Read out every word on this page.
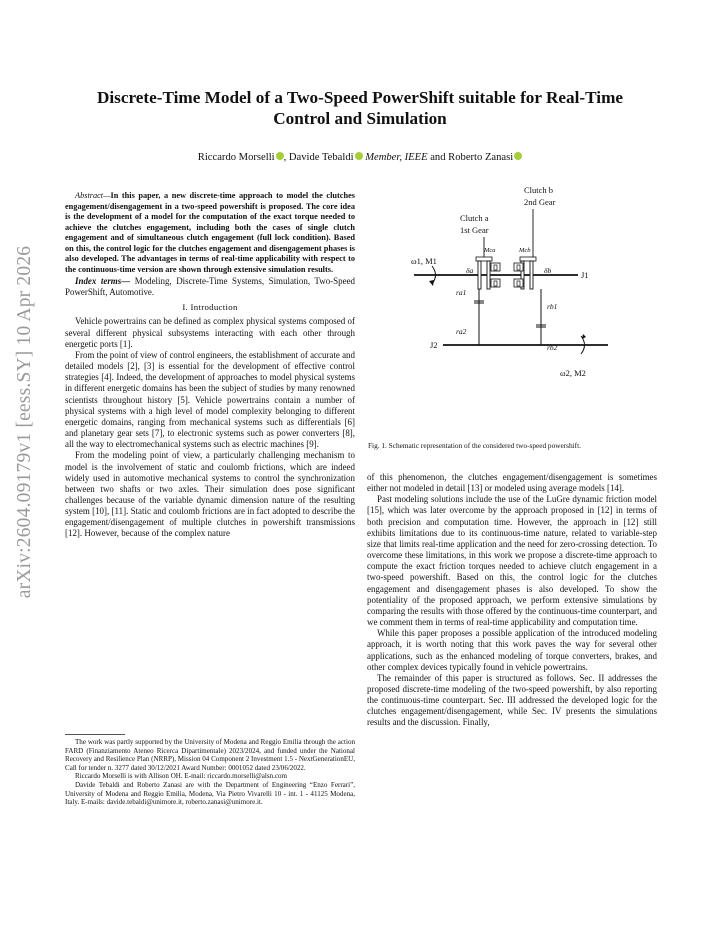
arXiv:2604.09179v1 [eess.SY] 10 Apr 2026
Discrete-Time Model of a Two-Speed PowerShift suitable for Real-Time
Control and Simulation
Riccardo Morselli , Davide Tebaldi Member, IEEE and Roberto Zanasi

Abstract—In this paper, a new discrete-time approach to model the clutches engagement/disengagement in a two-speed powershift is proposed. The core idea is the development of a model for the computation of the exact torque needed to achieve the clutches engagement, including both the cases of single clutch engagement and of simultaneous clutch engagement (full lock condition). Based on this, the control logic for the clutches engagement and disengagement phases is also developed. The advantages in terms of real-time applicability with respect to the continuous-time version are shown through extensive simulation results.

Index terms— Modeling, Discrete-Time Systems, Simulation, Two-Speed PowerShift, Automotive.

I. Introduction

Vehicle powertrains can be defined as complex physical systems composed of several different physical subsystems interacting with each other through energetic ports [1].

From the point of view of control engineers, the establishment of accurate and detailed models [2], [3] is essential for the development of effective control strategies [4]. Indeed, the development of approaches to model physical systems in different energetic domains has been the subject of studies by many renowned scientists throughout history [5]. Vehicle powertrains contain a number of physical systems with a high level of model complexity belonging to different energetic domains, ranging from mechanical systems such as differentials [6] and planetary gear sets [7], to electronic systems such as power converters [8], all the way to electromechanical systems such as electric machines [9].

From the modeling point of view, a particularly challenging mechanism to model is the involvement of static and coulomb frictions, which are indeed widely used in automotive mechanical systems to control the synchronization between two shafts or two axles. Their simulation does pose significant challenges because of the variable dynamic dimension nature of the resulting system [10], [11]. Static and coulomb frictions are in fact adopted to describe the engagement/disengagement of multiple clutches in powershift transmissions [12]. However, because of the complex nature

The work was partly supported by the University of Modena and Reggio Emilia through the action FARD (Finanziamento Ateneo Ricerca Dipartimentale) 2023/2024, and funded under the National Recovery and Resilience Plan (NRRP), Mission 04 Component 2 Investment 1.5 - NextGenerationEU, Call for tender n. 3277 dated 30/12/2021 Award Number: 0001052 dated 23/06/2022.

Riccardo Morselli is with Allison OH. E-mail: riccardo.morselli@alsn.com

Davide Tebaldi and Roberto Zanasi are with the Department of Engineering “Enzo Ferrari”, University of Modena and Reggio Emilia, Modena, Via Pietro Vivarelli 10 - int. 1 - 41125 Modena, Italy. E-mails: davide.tebaldi@unimore.it, roberto.zanasi@unimore.it.

Clutch b
2nd Gear
Clutch a
1st Gear
ω1, M1
J1
Mca
δa
Mcb
δb
ra1
ra2
rb1
rb2
J2
ω2, M2
Fig. 1. Schematic representation of the considered two-speed powershift.

of this phenomenon, the clutches engagement/disengagement is sometimes either not modeled in detail [13] or modeled using average models [14].

Past modeling solutions include the use of the LuGre dynamic friction model [15], which was later overcome by the approach proposed in [12] in terms of both precision and computation time. However, the approach in [12] still exhibits limitations due to its continuous-time nature, related to variable-step size that limits real-time application and the need for zero-crossing detection. To overcome these limitations, in this work we propose a discrete-time approach to compute the exact friction torques needed to achieve clutch engagement in a two-speed powershift. Based on this, the control logic for the clutches engagement and disengagement phases is also developed. To show the potentiality of the proposed approach, we perform extensive simulations by comparing the results with those offered by the continuous-time counterpart, and we comment them in terms of real-time applicability and computation time.

While this paper proposes a possible application of the introduced modeling approach, it is worth noting that this work paves the way for several other applications, such as the enhanced modeling of torque converters, brakes, and other complex devices typically found in vehicle powertrains.

The remainder of this paper is structured as follows. Sec. II addresses the proposed discrete-time modeling of the two-speed powershift, by also reporting the continuous-time counterpart. Sec. III addressed the developed logic for the clutches engagement/disengagement, while Sec. IV presents the simulations results and the discussion. Finally,
